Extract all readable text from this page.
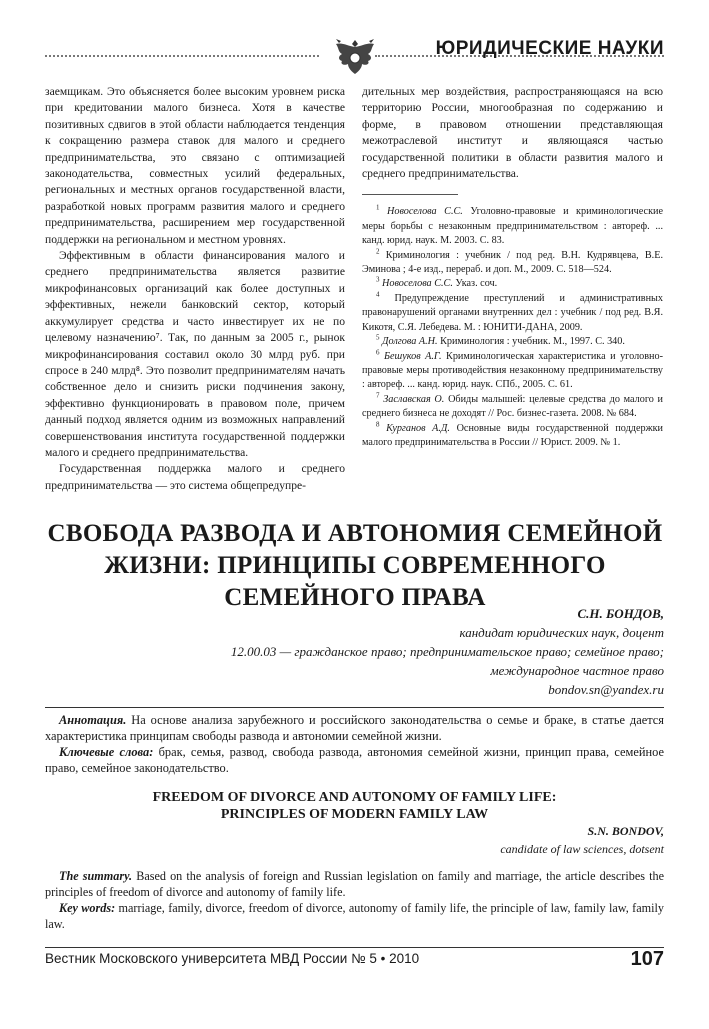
ЮРИДИЧЕСКИЕ НАУКИ

заемщикам. Это объясняется более высоким уровнем риска при кредитовании малого бизнеса. Хотя в качестве позитивных сдвигов в этой области наблюдается тенденция к сокращению размера ставок для малого и среднего предпринимательства, это связано с оптимизацией законодательства, совместных усилий федеральных, региональных и местных органов государственной власти, разработкой новых программ развития малого и среднего предпринимательства, расширением мер государственной поддержки на региональном и местном уровнях.

Эффективным в области финансирования малого и среднего предпринимательства является развитие микрофинансовых организаций как более доступных и эффективных, нежели банковский сектор, который аккумулирует средства и часто инвестирует их не по целевому назначению⁷. Так, по данным за 2005 г., рынок микрофинансирования составил около 30 млрд руб. при спросе в 240 млрд⁸. Это позволит предпринимателям начать собственное дело и снизить риски подчинения закону, эффективно функционировать в правовом поле, причем данный подход является одним из возможных направлений совершенствования института государственной поддержки малого и среднего предпринимательства.

Государственная поддержка малого и среднего предпринимательства — это система общепредупре-

дительных мер воздействия, распространяющаяся на всю территорию России, многообразная по содержанию и форме, в правовом отношении представляющая межотраслевой институт и являющаяся частью государственной политики в области развития малого и среднего предпринимательства.

$^1$ Новоселова С.С. Уголовно-правовые и криминологические меры борьбы с незаконным предпринимательством : автореф. ... канд. юрид. наук. М. 2003. С. 83.

$^2$ Криминология : учебник / под ред. В.Н. Кудрявцева, В.Е. Эминова ; 4-е изд., перераб. и доп. М., 2009. С. 518—524.

$^3$ Новоселова С.С. Указ. соч.

$^4$ Предупреждение преступлений и административных правонарушений органами внутренних дел : учебник / под ред. В.Я. Кикотя, С.Я. Лебедева. М. : ЮНИТИ-ДАНА, 2009.

$^5$ Долгова А.Н. Криминология : учебник. М., 1997. С. 340.

$^6$ Бешуков А.Г. Криминологическая характеристика и уголовно-правовые меры противодействия незаконному предпринимательству : автореф. ... канд. юрид. наук. СПб., 2005. С. 61.

$^7$ Заславская О. Обиды малышей: целевые средства до малого и среднего бизнеса не доходят // Рос. бизнес-газета. 2008. № 684.

$^8$ Курганов А.Д. Основные виды государственной поддержки малого предпринимательства в России // Юрист. 2009. № 1.

СВОБОДА РАЗВОДА И АВТОНОМИЯ СЕМЕЙНОЙ
ЖИЗНИ: ПРИНЦИПЫ СОВРЕМЕННОГО
СЕМЕЙНОГО ПРАВА
С.Н. БОНДОВ,
кандидат юридических наук, доцент
12.00.03 — гражданское право; предпринимательское право; семейное право;
международное частное право
bondov.sn@yandex.ru

Аннотация. На основе анализа зарубежного и российского законодательства о семье и браке, в статье дается характеристика принципам свободы развода и автономии семейной жизни.

Ключевые слова: брак, семья, развод, свобода развода, автономия семейной жизни, принцип права, семейное право, семейное законодательство.

FREEDOM OF DIVORCE AND AUTONOMY OF FAMILY LIFE:
PRINCIPLES OF MODERN FAMILY LAW
S.N. BONDOV,
candidate of law sciences, dotsent

The summary. Based on the analysis of foreign and Russian legislation on family and marriage, the article describes the principles of freedom of divorce and autonomy of family life.

Key words: marriage, family, divorce, freedom of divorce, autonomy of family life, the principle of law, family law, family law.

Вестник Московского университета МВД России № 5 • 2010	107
